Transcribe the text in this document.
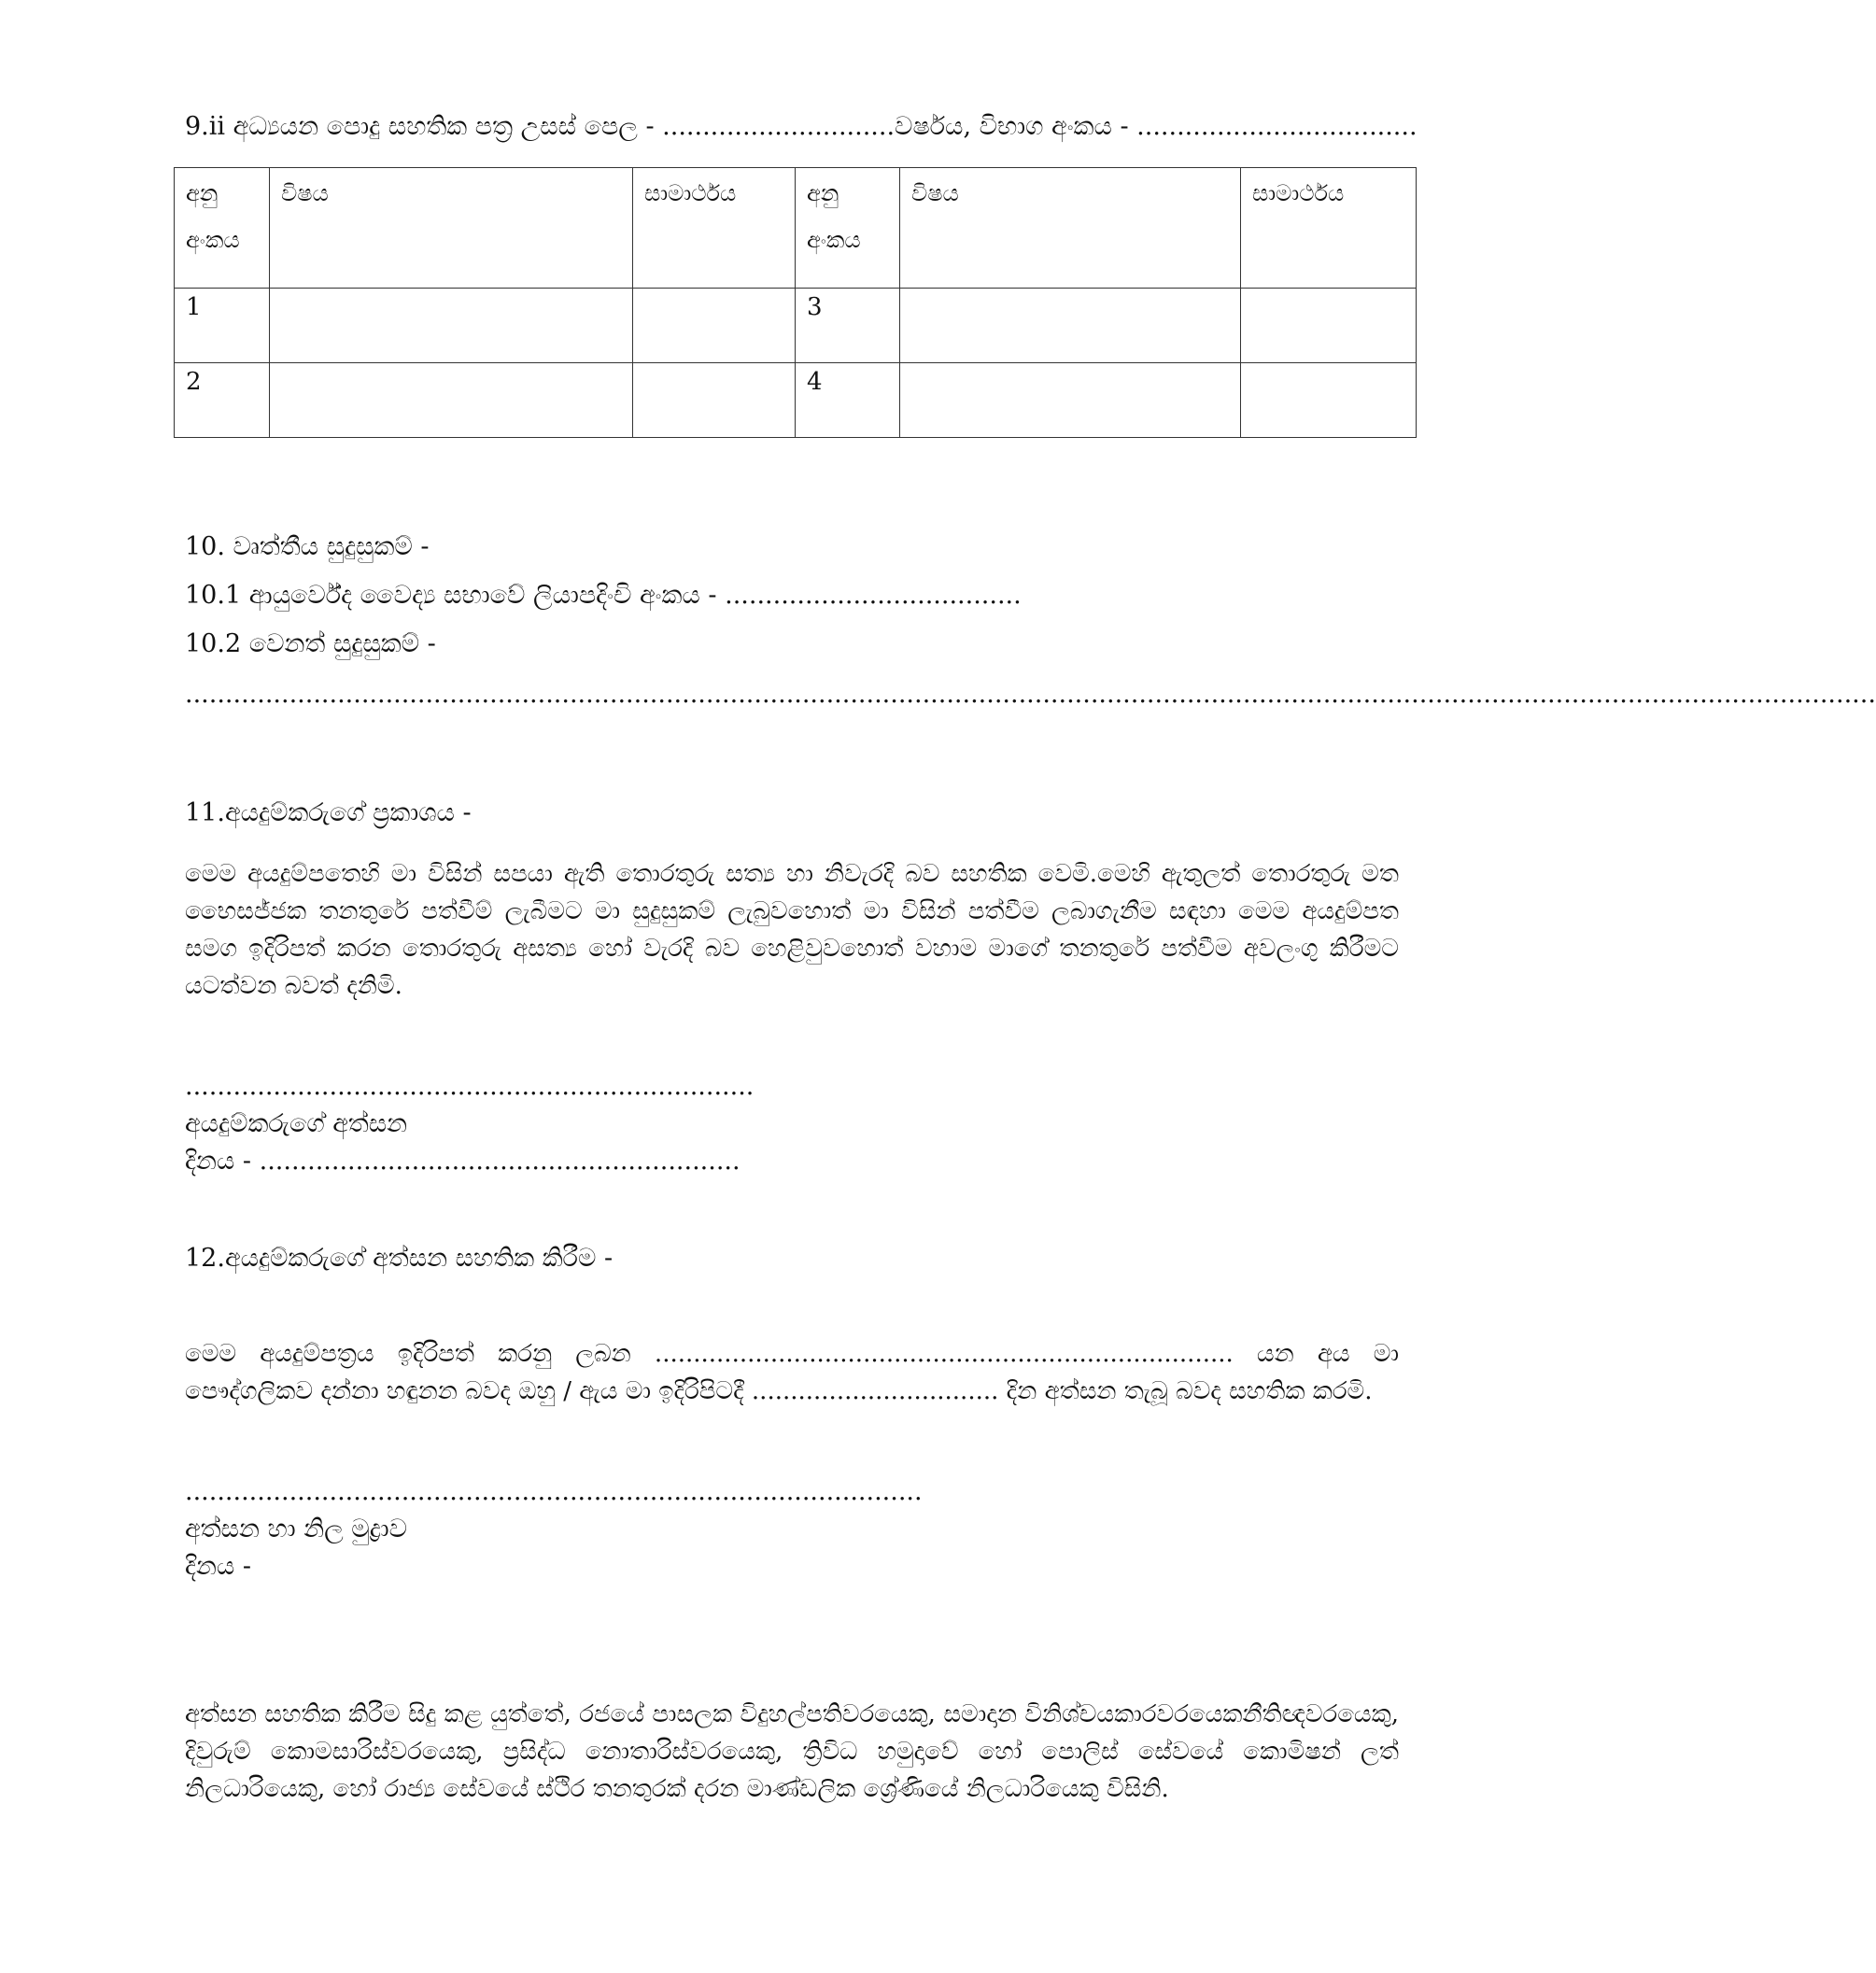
9.ii අධ්‍යයන පොදු සහතික පත්‍ර උසස් පෙල - .............................වර්ෂය, විභාග අංකය - ...................................
අනු අංකය	විෂය	සාමාර්ථය	අනු අංකය	විෂය	සාමාර්ථය
1			3		
2			4		
10. වෘත්තීය සුදුසුකම් -
10.1 ආයුර්වේද වෛද්‍ය සභාවේ ලියාපදිංචි අංකය - .....................................
10.2 වෙනත් සුදුසුකම් -
...................................................................................................................................................................................................................
11.අයදුම්කරුගේ ප්‍රකාශය -
මෙම අයදුම්පතෙහි මා විසින් සපයා ඇති තොරතුරු සත්‍ය හා නිවැරදි බව සහතික වෙමි.මෙහි ඇතුලත් තොරතුරු මත භෛසජ්ජක තනතුරේ පත්වීම් ලැබීමට මා සුදුසුකම් ලැබුවහොත් මා විසින් පත්වීම ලබාගැනීම සඳහා මෙම අයදුම්පත සමග ඉදිරිපත් කරන තොරතුරු අසත්‍ය හෝ වැරදි බව හෙළිවුවහොත් වහාම මාගේ තනතුරේ පත්වීම අවලංගු කිරීමට යටත්වන බවත් දනිමි.
.......................................................................
අයදුම්කරුගේ අත්සන
දිනය - ............................................................
12.අයදුම්කරුගේ අත්සන සහතික කිරීම -
මෙම අයදුම්පත්‍රය ඉදිරිපත් කරනු ලබන ........................................................................... යන අය මා පෞද්ගලිකව දන්නා හඳුනන බවද ඔහු / ඇය මා ඉදිරිපිටදී ................................ දින අත්සන තැබූ බවද සහතික කරමි.
............................................................................................
අත්සන හා නිල මුද්‍රාව
දිනය -
අත්සන සහතික කිරීම සිදු කළ යුත්තේ, රජයේ පාසලක විදුහල්පතිවරයෙකු, සමාදාන විනිශ්චයකාරවරයෙකනීතිඥවරයෙකු, දිවුරුම් කොමසාරිස්වරයෙකු, ප්‍රසිද්ධ නොතාරිස්වරයෙකු, ත්‍රිවිධ හමුදාවේ හෝ පොලිස් සේවයේ කොමිෂන් ලත් නිලධාරියෙකු, හෝ රාජ්‍ය සේවයේ ස්ථිර තනතුරක් දරන මාණ්ඩලික ශ්‍රේණියේ නිලධාරියෙකු විසිනි.
